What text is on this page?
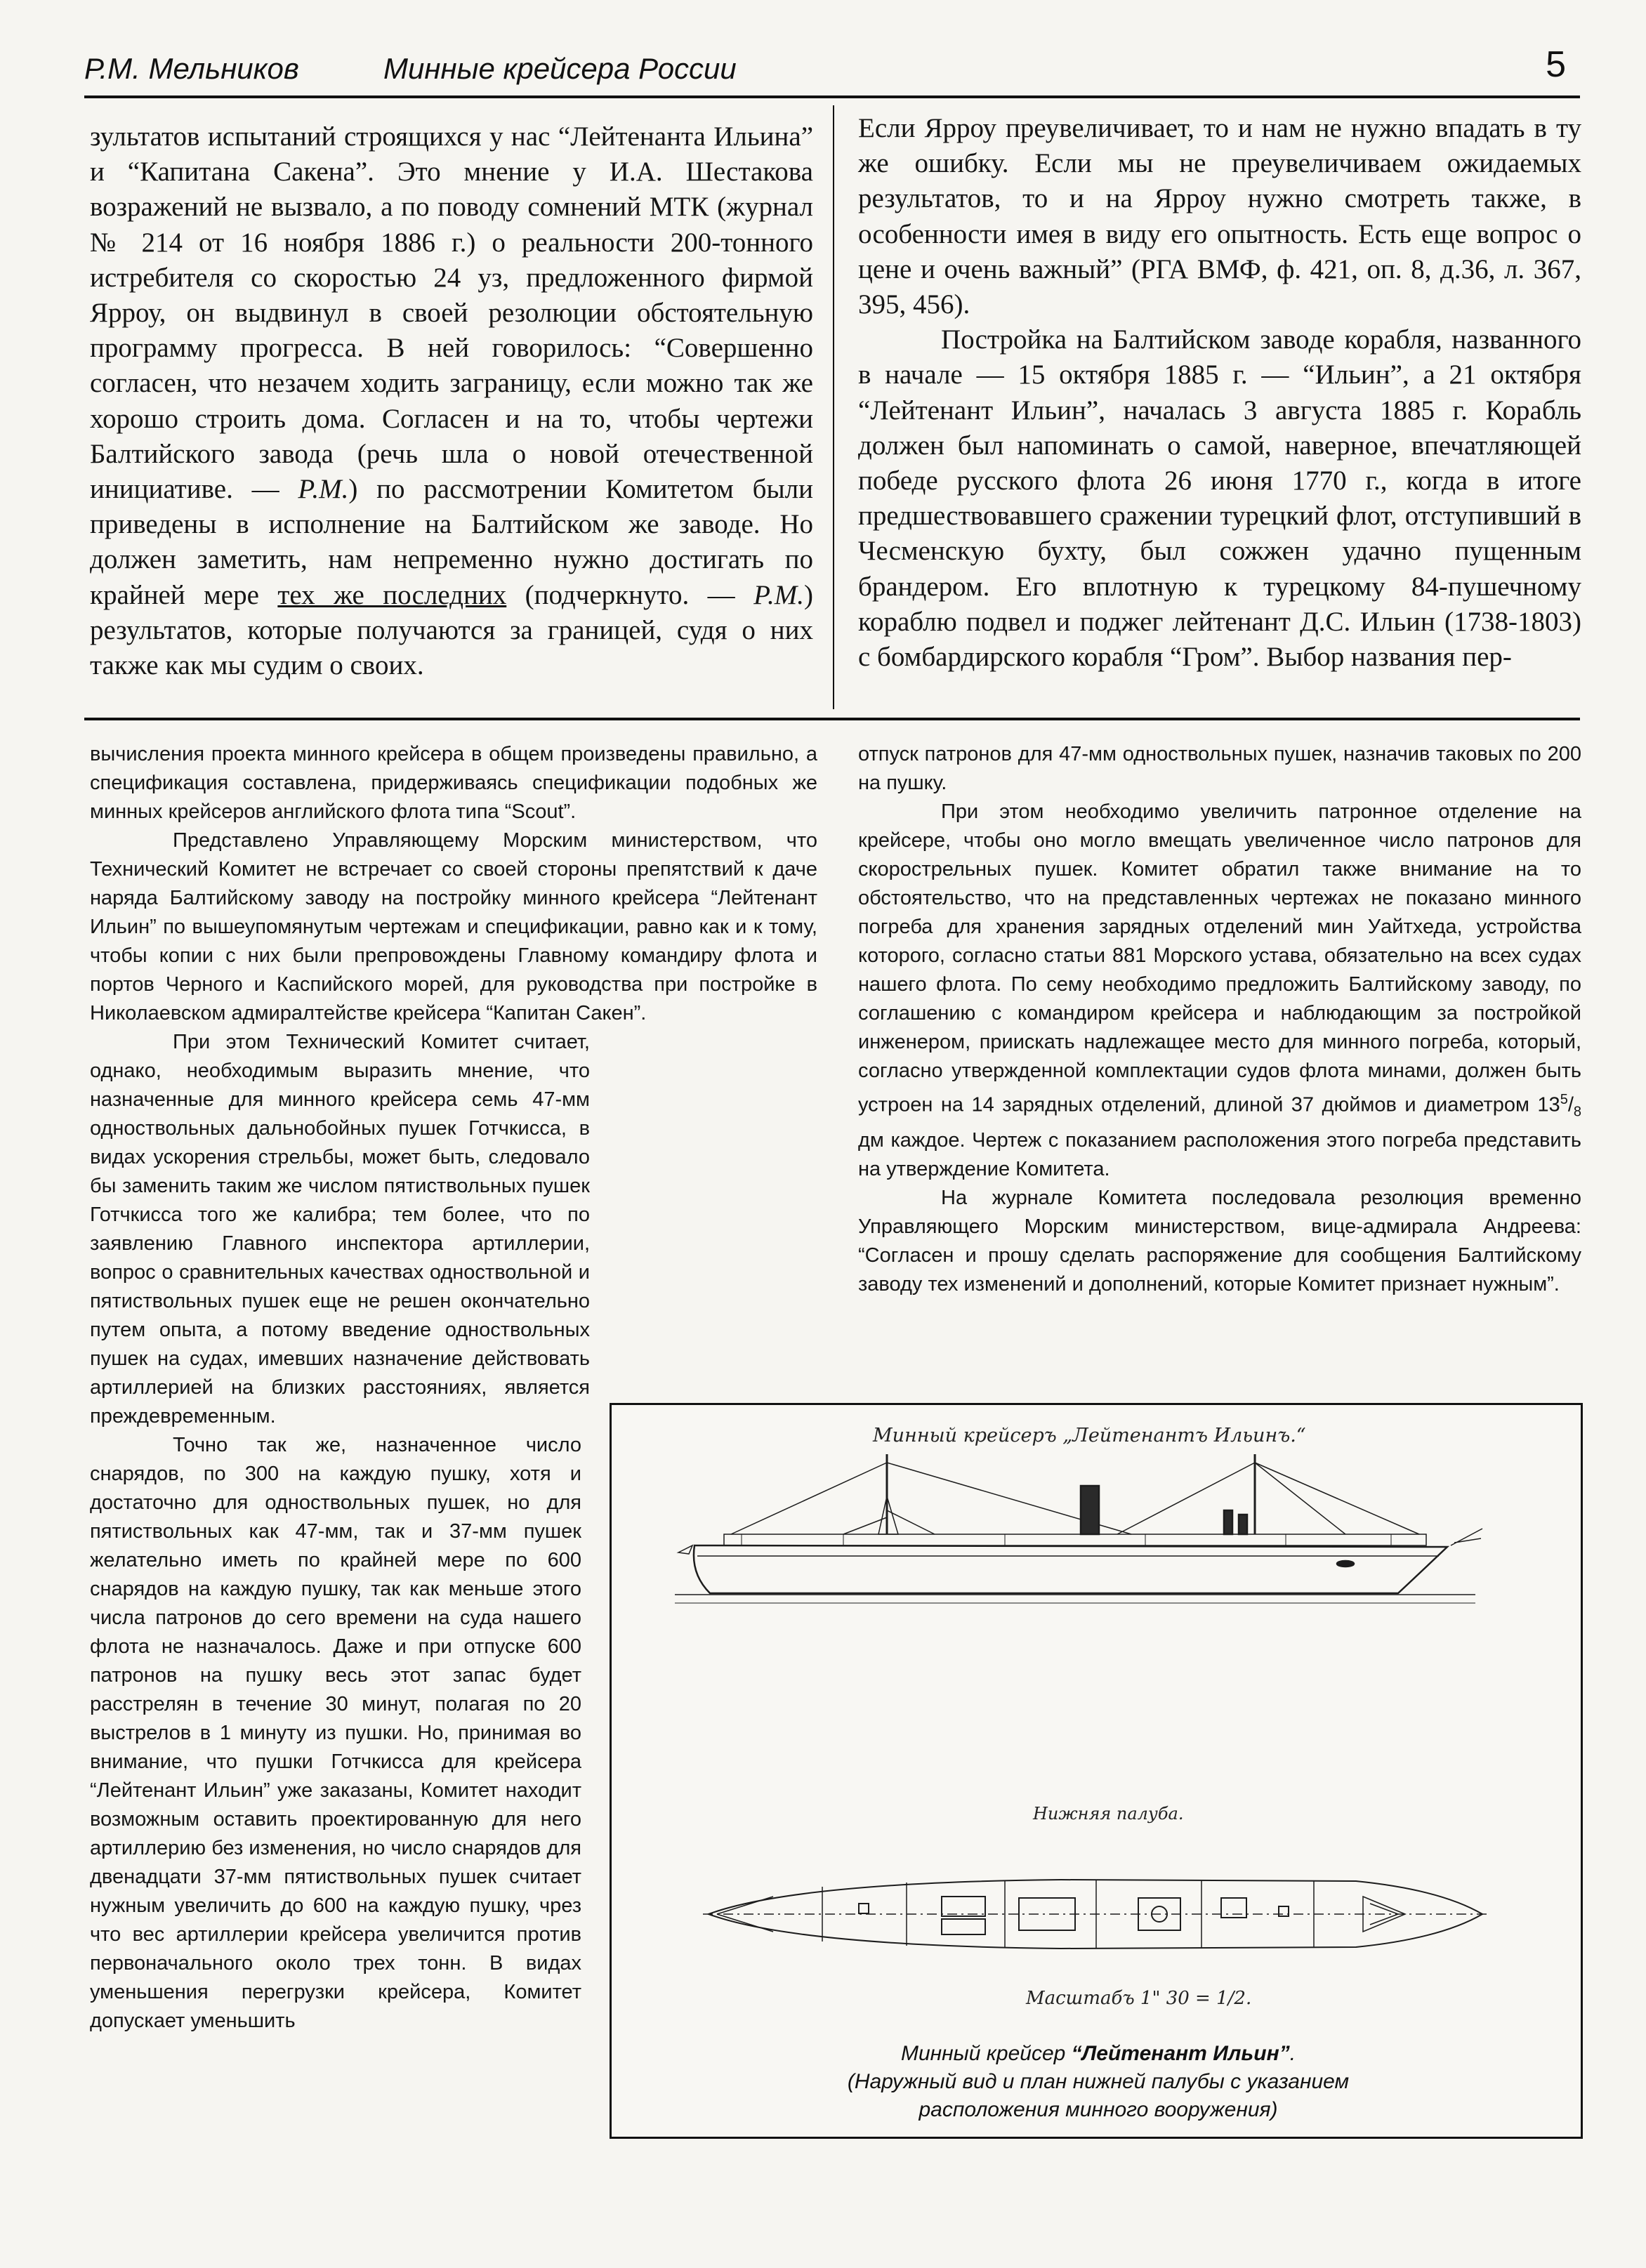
Р.М. Мельников	Минные крейсера России	5

зультатов испытаний строящихся у нас “Лейтенанта Ильина” и “Капитана Сакена”. Это мнение у И.А. Шестакова возражений не вызвало, а по поводу сомнений МТК (журнал № 214 от 16 ноября 1886 г.) о реальности 200-тонного истребителя со скоростью 24 уз, предложенного фирмой Ярроу, он выдвинул в своей резолюции обстоятельную программу прогресса. В ней говорилось: “Совершенно согласен, что незачем ходить заграницу, если можно так же хорошо строить дома. Согласен и на то, чтобы чертежи Балтийского завода (речь шла о новой отечественной инициативе. — Р.М.) по рассмотрении Комитетом были приведены в исполнение на Балтийском же заводе. Но должен заметить, нам непременно нужно достигать по крайней мере тех же последних (подчеркнуто. — Р.М.) результатов, которые получаются за границей, судя о них также как мы судим о своих.

Если Ярроу преувеличивает, то и нам не нужно впадать в ту же ошибку. Если мы не преувеличиваем ожидаемых результатов, то и на Ярроу нужно смотреть также, в особенности имея в виду его опытность. Есть еще вопрос о цене и очень важный” (РГА ВМФ, ф. 421, оп. 8, д.36, л. 367, 395, 456).

Постройка на Балтийском заводе корабля, названного в начале — 15 октября 1885 г. — “Ильин”, а 21 октября “Лейтенант Ильин”, началась 3 августа 1885 г. Корабль должен был напоминать о самой, наверное, впечатляющей победе русского флота 26 июня 1770 г., когда в итоге предшествовавшего сражении турецкий флот, отступивший в Чесменскую бухту, был сожжен удачно пущенным брандером. Его вплотную к турецкому 84-пушечному кораблю подвел и поджег лейтенант Д.С. Ильин (1738-1803) с бомбардирского корабля “Гром”. Выбор названия пер-

вычисления проекта минного крейсера в общем произведены правильно, а спецификация составлена, придерживаясь спецификации подобных же минных крейсеров английского флота типа “Scout”.

Представлено Управляющему Морским министерством, что Технический Комитет не встречает со своей стороны препятствий к даче наряда Балтийскому заводу на постройку минного крейсера “Лейтенант Ильин” по вышеупомянутым чертежам и спецификации, равно как и к тому, чтобы копии с них были препровождены Главному командиру флота и портов Черного и Каспийского морей, для руководства при постройке в Николаевском адмиралтействе крейсера “Капитан Сакен”.

При этом Технический Комитет считает, однако, необходимым выразить мнение, что назначенные для минного крейсера семь 47-мм одноствольных дальнобойных пушек Готчкисса, в видах ускорения стрельбы, может быть, следовало бы заменить таким же числом пятиствольных пушек Готчкисса того же калибра; тем более, что по заявлению Главного инспектора артиллерии, вопрос о сравнительных качествах одноствольной и пятиствольных пушек еще не решен окончательно путем опыта, а потому введение одноствольных пушек на судах, имевших назначение действовать артиллерией на близких расстояниях, является преждевременным.

Точно так же, назначенное число снарядов, по 300 на каждую пушку, хотя и достаточно для одноствольных пушек, но для пятиствольных как 47-мм, так и 37-мм пушек желательно иметь по крайней мере по 600 снарядов на каждую пушку, так как меньше этого числа патронов до сего времени на суда нашего флота не назначалось. Даже и при отпуске 600 патронов на пушку весь этот запас будет расстрелян в течение 30 минут, полагая по 20 выстрелов в 1 минуту из пушки. Но, принимая во внимание, что пушки Готчкисса для крейсера “Лейтенант Ильин” уже заказаны, Комитет находит возможным оставить проектированную для него артиллерию без изменения, но число снарядов для двенадцати 37-мм пятиствольных пушек считает нужным увеличить до 600 на каждую пушку, чрез что вес артиллерии крейсера увеличится против первоначального около трех тонн. В видах уменьшения перегрузки крейсера, Комитет допускает уменьшить

отпуск патронов для 47-мм одноствольных пушек, назначив таковых по 200 на пушку.

При этом необходимо увеличить патронное отделение на крейсере, чтобы оно могло вмещать увеличенное число патронов для скорострельных пушек. Комитет обратил также внимание на то обстоятельство, что на представленных чертежах не показано минного погреба для хранения зарядных отделений мин Уайтхеда, устройства которого, согласно статьи 881 Морского устава, обязательно на всех судах нашего флота. По сему необходимо предложить Балтийскому заводу, по соглашению с командиром крейсера и наблюдающим за постройкой инженером, приискать надлежащее место для минного погреба, который, согласно утвержденной комплектации судов флота минами, должен быть устроен на 14 зарядных отделений, длиной 37 дюймов и диаметром $13^5/_8$ дм каждое. Чертеж с показанием расположения этого погреба представить на утверждение Комитета.

На журнале Комитета последовала резолюция временно Управляющего Морским министерством, вице-адмирала Андреева: “Согласен и прошу сделать распоряжение для сообщения Балтийскому заводу тех изменений и дополнений, которые Комитет признает нужным”.

Минный крейсеръ „Лейтенантъ Ильинъ.“
Нижняя палуба.
Масштабъ 1" 30 = 1/2.
Минный крейсер “Лейтенант Ильин”.
(Наружный вид и план нижней палубы с указанием
расположения минного вооружения)
